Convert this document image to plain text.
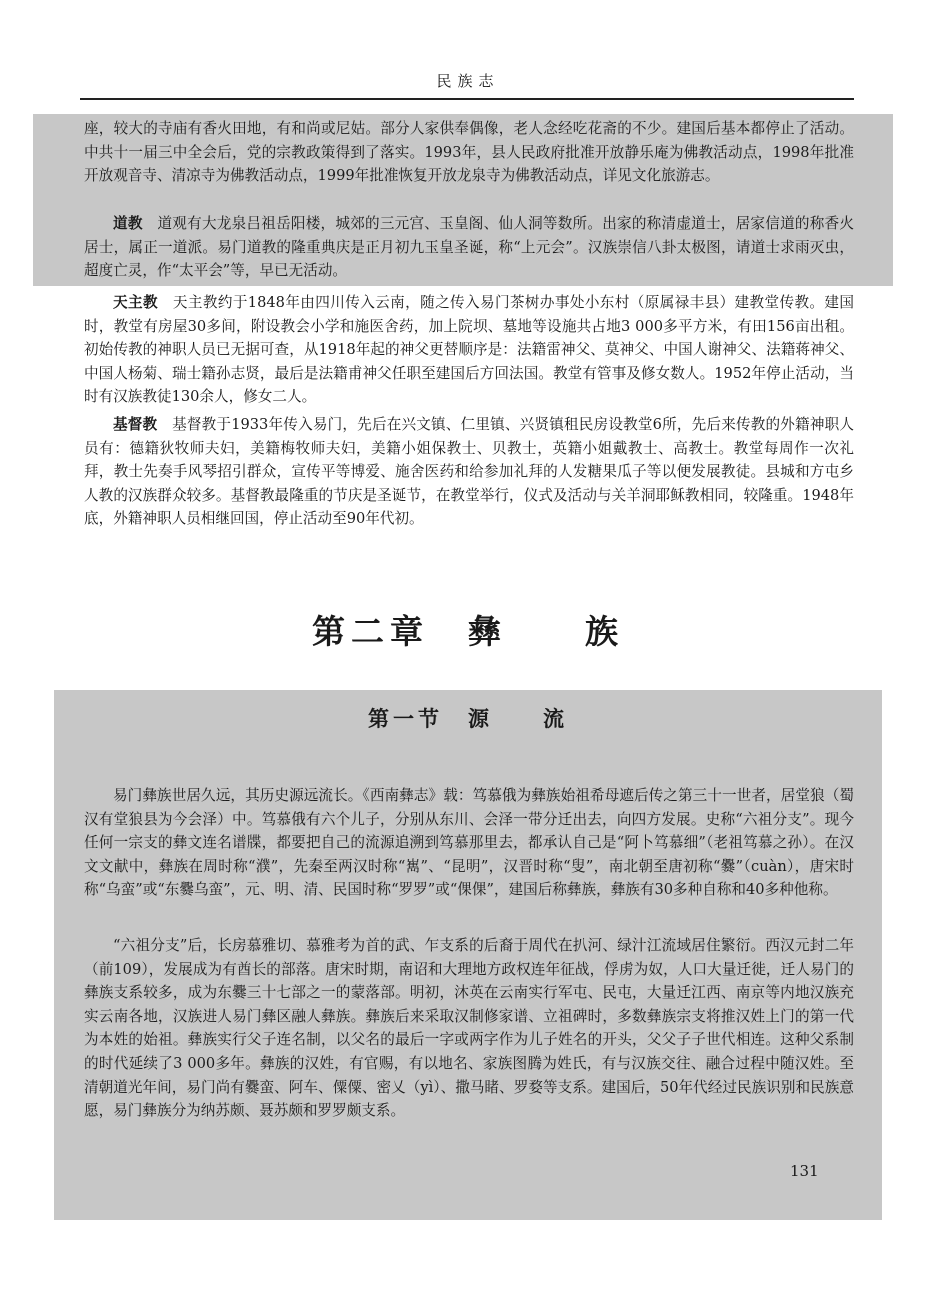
民族志

座，较大的寺庙有香火田地，有和尚或尼姑。部分人家供奉偶像，老人念经吃花斋的不少。建国后基本都停止了活动。中共十一届三中全会后，党的宗教政策得到了落实。1993年，县人民政府批准开放静乐庵为佛教活动点，1998年批准开放观音寺、清凉寺为佛教活动点，1999年批准恢复开放龙泉寺为佛教活动点，详见文化旅游志。

道教　 道观有大龙泉吕祖岳阳楼，城郊的三元宫、玉皇阁、仙人洞等数所。出家的称清虚道士，居家信道的称香火居士，属正一道派。易门道教的隆重典庆是正月初九玉皇圣诞，称“上元会”。汉族崇信八卦太极图，请道士求雨灭虫，超度亡灵，作“太平会”等，早已无活动。

天主教　 天主教约于1848年由四川传入云南，随之传入易门茶树办事处小东村（原属禄丰县）建教堂传教。建国时，教堂有房屋30多间，附设教会小学和施医舍药，加上院坝、墓地等设施共占地3 000多平方米，有田156亩出租。初始传教的神职人员已无据可查，从1918年起的神父更替顺序是：法籍雷神父、莫神父、中国人谢神父、法籍蒋神父、中国人杨菊、瑞士籍孙志贤，最后是法籍甫神父任职至建国后方回法国。教堂有管事及修女数人。1952年停止活动，当时有汉族教徒130余人，修女二人。

基督教　 基督教于1933年传入易门，先后在兴文镇、仁里镇、兴贤镇租民房设教堂6所，先后来传教的外籍神职人员有：德籍狄牧师夫妇，美籍梅牧师夫妇，美籍小姐保教士、贝教士，英籍小姐戴教士、高教士。教堂每周作一次礼拜，教士先奏手风琴招引群众，宣传平等博爱、施舍医药和给参加礼拜的人发糖果瓜子等以便发展教徒。县城和方屯乡人教的汉族群众较多。基督教最隆重的节庆是圣诞节，在教堂举行，仪式及活动与关羊洞耶稣教相同，较隆重。1948年底，外籍神职人员相继回国，停止活动至90年代初。

第二章　彝　　族
第一节　源　　流

易门彝族世居久远，其历史源远流长。《西南彝志》载：笃慕俄为彝族始祖希母遮后传之第三十一世者，居堂狼（蜀汉有堂狼县为今会泽）中。笃慕俄有六个儿子，分别从东川、会泽一带分迁出去，向四方发展。史称“六祖分支”。现今任何一宗支的彝文连名谱牒，都要把自己的流源追溯到笃慕那里去，都承认自己是“阿卜笃慕细”（老祖笃慕之孙）。在汉文文献中，彝族在周时称“濮”，先秦至两汉时称“嶲”、“昆明”，汉晋时称“叟”，南北朝至唐初称“爨”（cuàn），唐宋时称“乌蛮”或“东爨乌蛮”，元、明、清、民国时称“罗罗”或“倮倮”，建国后称彝族，彝族有30多种自称和40多种他称。

“六祖分支”后，长房慕雅切、慕雅考为首的武、乍支系的后裔于周代在扒河、绿汁江流域居住繁衍。西汉元封二年（前109），发展成为有酋长的部落。唐宋时期，南诏和大理地方政权连年征战，俘虏为奴，人口大量迁徙，迁人易门的彝族支系较多，成为东爨三十七部之一的蒙落部。明初，沐英在云南实行军屯、民屯，大量迁江西、南京等内地汉族充实云南各地，汉族进人易门彝区融人彝族。彝族后来采取汉制修家谱、立祖碑时，多数彝族宗支将推汉姓上门的第一代为本姓的始祖。彝族实行父子连名制，以父名的最后一字或两字作为儿子姓名的开头，父父子子世代相连。这种父系制的时代延续了3 000多年。彝族的汉姓，有官赐，有以地名、家族图腾为姓氏，有与汉族交往、融合过程中随汉姓。至清朝道光年间，易门尚有爨蛮、阿车、僳僳、密乂（yì）、撒马睹、罗婺等支系。建国后，50年代经过民族识别和民族意愿，易门彝族分为纳苏颇、聂苏颇和罗罗颇支系。

131
